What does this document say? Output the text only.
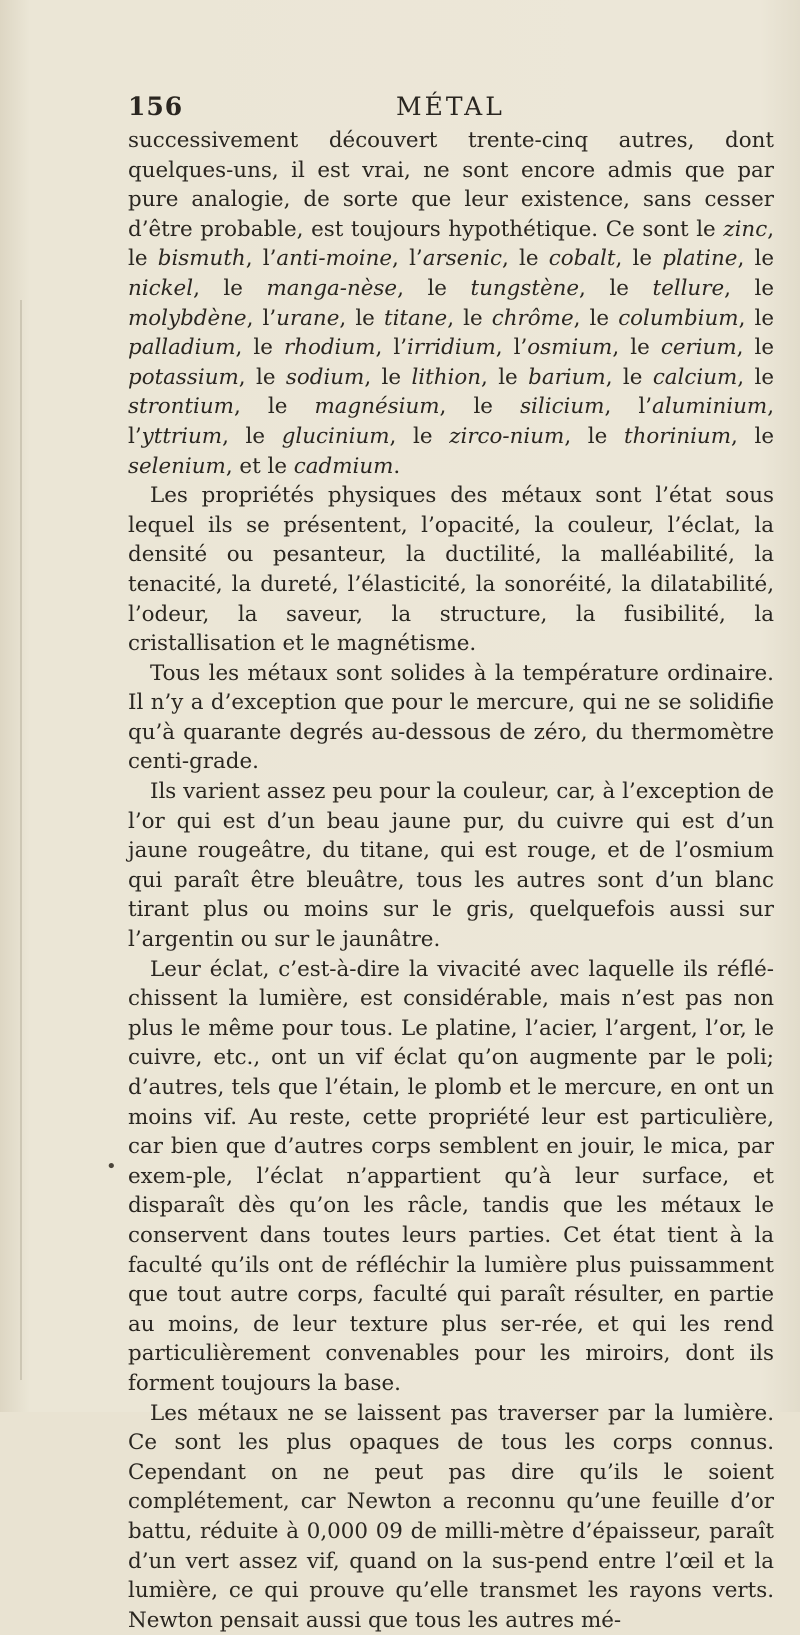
156	MÉTAL

successivement découvert trente-cinq autres, dont quelques-uns, il est vrai, ne sont encore admis que par pure analogie, de sorte que leur existence, sans cesser d’être probable, est toujours hypothétique. Ce sont le zinc, le bismuth, l’anti-moine, l’arsenic, le cobalt, le platine, le nickel, le manga-nèse, le tungstène, le tellure, le molybdène, l’urane, le titane, le chrôme, le columbium, le palladium, le rhodium, l’irridium, l’osmium, le cerium, le potassium, le sodium, le lithion, le barium, le calcium, le strontium, le magnésium, le silicium, l’aluminium, l’yttrium, le glucinium, le zirco-nium, le thorinium, le selenium, et le cadmium.

Les propriétés physiques des métaux sont l’état sous lequel ils se présentent, l’opacité, la couleur, l’éclat, la densité ou pesanteur, la ductilité, la malléabilité, la tenacité, la dureté, l’élasticité, la sonoréité, la dilatabilité, l’odeur, la saveur, la structure, la fusibilité, la cristallisation et le magnétisme.

Tous les métaux sont solides à la température ordinaire. Il n’y a d’exception que pour le mercure, qui ne se solidifie qu’à quarante degrés au-dessous de zéro, du thermomètre centi-grade.

Ils varient assez peu pour la couleur, car, à l’exception de l’or qui est d’un beau jaune pur, du cuivre qui est d’un jaune rougeâtre, du titane, qui est rouge, et de l’osmium qui paraît être bleuâtre, tous les autres sont d’un blanc tirant plus ou moins sur le gris, quelquefois aussi sur l’argentin ou sur le jaunâtre.

Leur éclat, c’est-à-dire la vivacité avec laquelle ils réflé-chissent la lumière, est considérable, mais n’est pas non plus le même pour tous. Le platine, l’acier, l’argent, l’or, le cuivre, etc., ont un vif éclat qu’on augmente par le poli; d’autres, tels que l’étain, le plomb et le mercure, en ont un moins vif. Au reste, cette propriété leur est particulière, car bien que d’autres corps semblent en jouir, le mica, par exem-ple, l’éclat n’appartient qu’à leur surface, et disparaît dès qu’on les râcle, tandis que les métaux le conservent dans toutes leurs parties. Cet état tient à la faculté qu’ils ont de réfléchir la lumière plus puissamment que tout autre corps, faculté qui paraît résulter, en partie au moins, de leur texture plus ser-rée, et qui les rend particulièrement convenables pour les miroirs, dont ils forment toujours la base.

Les métaux ne se laissent pas traverser par la lumière. Ce sont les plus opaques de tous les corps connus. Cependant on ne peut pas dire qu’ils le soient complétement, car Newton a reconnu qu’une feuille d’or battu, réduite à 0,000 09 de milli-mètre d’épaisseur, paraît d’un vert assez vif, quand on la sus-pend entre l’œil et la lumière, ce qui prouve qu’elle transmet les rayons verts. Newton pensait aussi que tous les autres mé-

•
